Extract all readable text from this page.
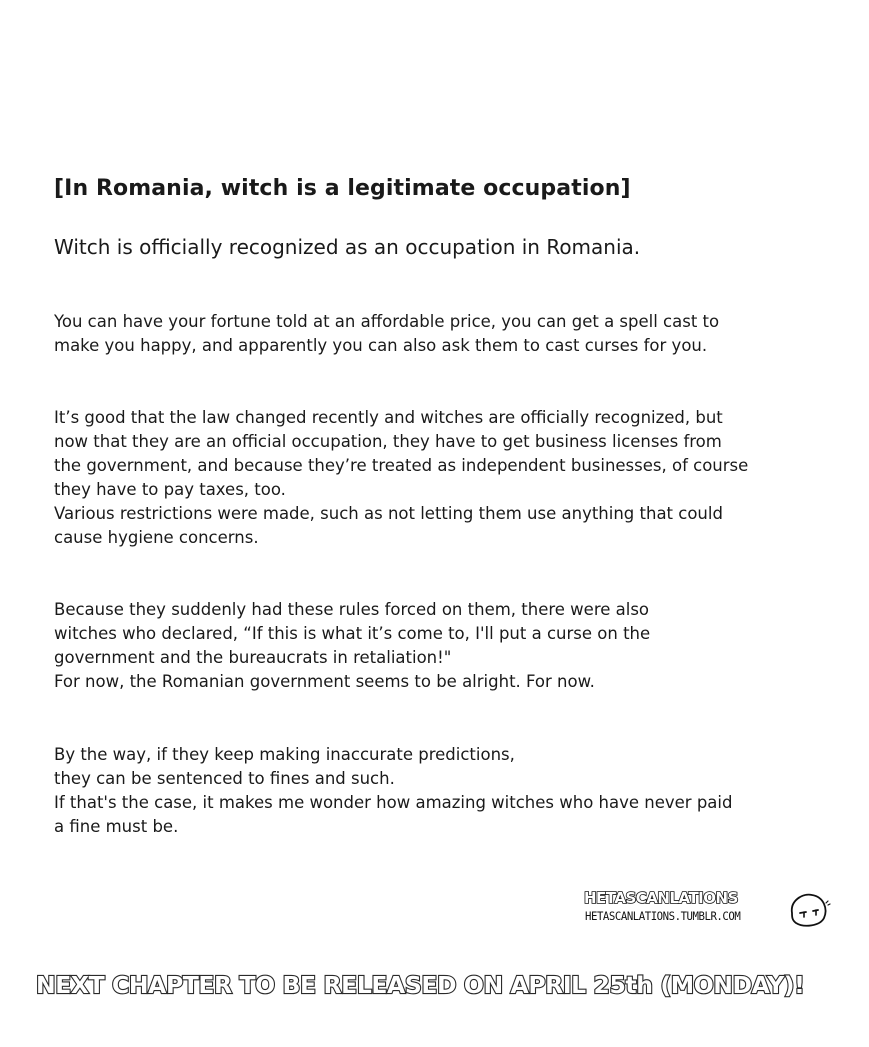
[In Romania, witch is a legitimate occupation]

Witch is officially recognized as an occupation in Romania.

You can have your fortune told at an affordable price, you can get a spell cast to
make you happy, and apparently you can also ask them to cast curses for you.
It’s good that the law changed recently and witches are officially recognized, but
now that they are an official occupation, they have to get business licenses from
the government, and because they’re treated as independent businesses, of course
they have to pay taxes, too.
Various restrictions were made, such as not letting them use anything that could
cause hygiene concerns.
Because they suddenly had these rules forced on them, there were also
witches who declared, “If this is what it’s come to, I'll put a curse on the
government and the bureaucrats in retaliation!"
For now, the Romanian government seems to be alright. For now.
By the way, if they keep making inaccurate predictions,
they can be sentenced to fines and such.
If that's the case, it makes me wonder how amazing witches who have never paid
a fine must be.
HETASCANLATIONS
HETASCANLATIONS.TUMBLR.COM
NEXT CHAPTER TO BE RELEASED ON APRIL 25th (MONDAY)!
